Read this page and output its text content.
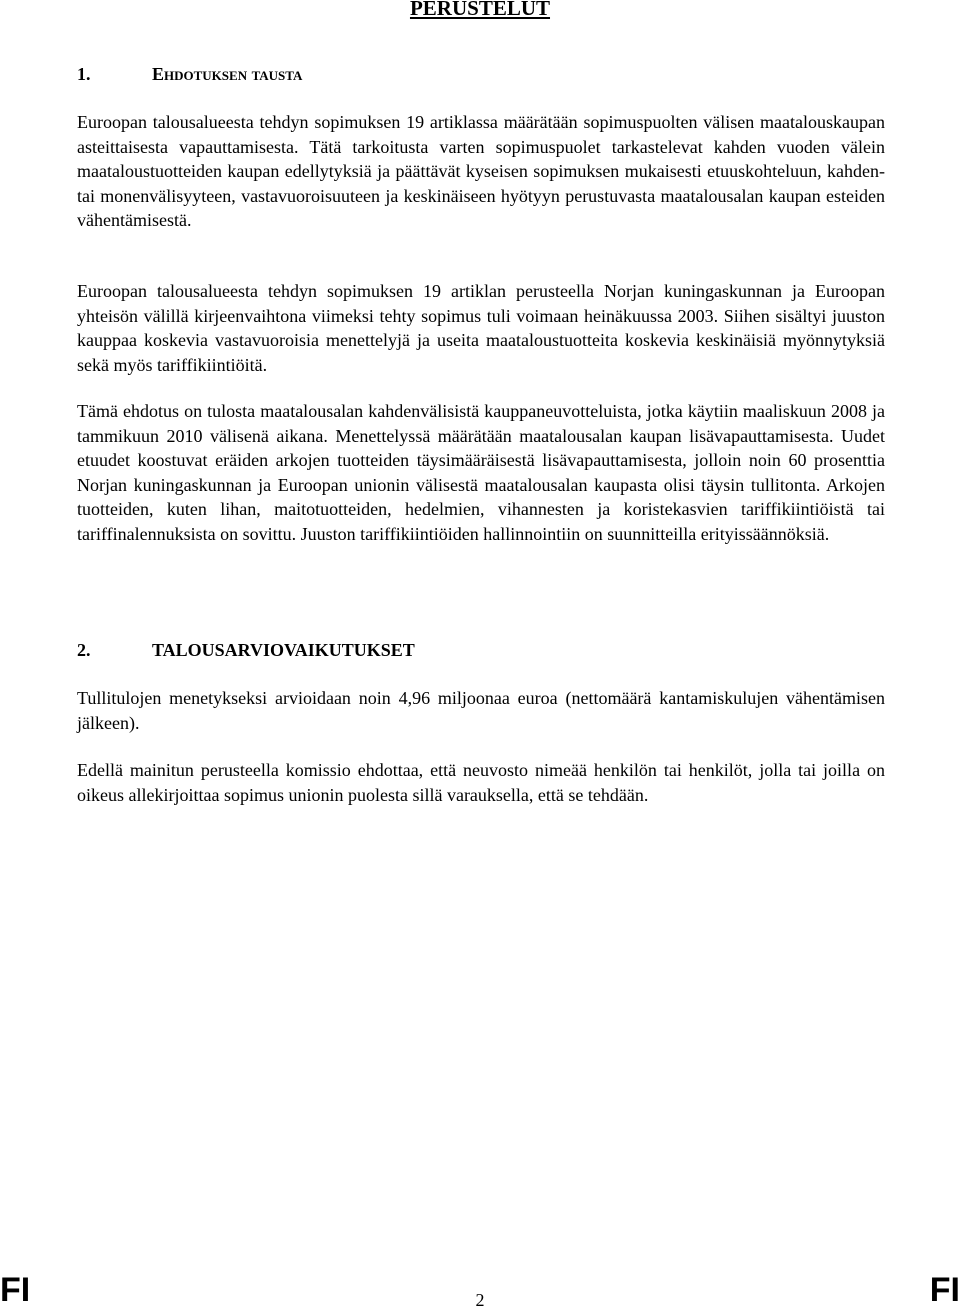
PERUSTELUT
1.	Ehdotuksen tausta

Euroopan talousalueesta tehdyn sopimuksen 19 artiklassa määrätään sopimuspuolten välisen maatalouskaupan asteittaisesta vapauttamisesta. Tätä tarkoitusta varten sopimuspuolet tarkastelevat kahden vuoden välein maataloustuotteiden kaupan edellytyksiä ja päättävät kyseisen sopimuksen mukaisesti etuuskohteluun, kahden- tai monenvälisyyteen, vastavuoroisuuteen ja keskinäiseen hyötyyn perustuvasta maatalousalan kaupan esteiden vähentämisestä.

Euroopan talousalueesta tehdyn sopimuksen 19 artiklan perusteella Norjan kuningaskunnan ja Euroopan yhteisön välillä kirjeenvaihtona viimeksi tehty sopimus tuli voimaan heinäkuussa 2003. Siihen sisältyi juuston kauppaa koskevia vastavuoroisia menettelyjä ja useita maataloustuotteita koskevia keskinäisiä myönnytyksiä sekä myös tariffikiintiöitä.

Tämä ehdotus on tulosta maatalousalan kahdenvälisistä kauppaneuvotteluista, jotka käytiin maaliskuun 2008 ja tammikuun 2010 välisenä aikana. Menettelyssä määrätään maatalousalan kaupan lisävapauttamisesta. Uudet etuudet koostuvat eräiden arkojen tuotteiden täysimääräisestä lisävapauttamisesta, jolloin noin 60 prosenttia Norjan kuningaskunnan ja Euroopan unionin välisestä maatalousalan kaupasta olisi täysin tullitonta. Arkojen tuotteiden, kuten lihan, maitotuotteiden, hedelmien, vihannesten ja koristekasvien tariffikiintiöistä tai tariffinalennuksista on sovittu. Juuston tariffikiintiöiden hallinnointiin on suunnitteilla erityissäännöksiä.

2.	TALOUSARVIOVAIKUTUKSET

Tullitulojen menetykseksi arvioidaan noin 4,96 miljoonaa euroa (nettomäärä kantamiskulujen vähentämisen jälkeen).

Edellä mainitun perusteella komissio ehdottaa, että neuvosto nimeää henkilön tai henkilöt, jolla tai joilla on oikeus allekirjoittaa sopimus unionin puolesta sillä varauksella, että se tehdään.

FI	2	FI
